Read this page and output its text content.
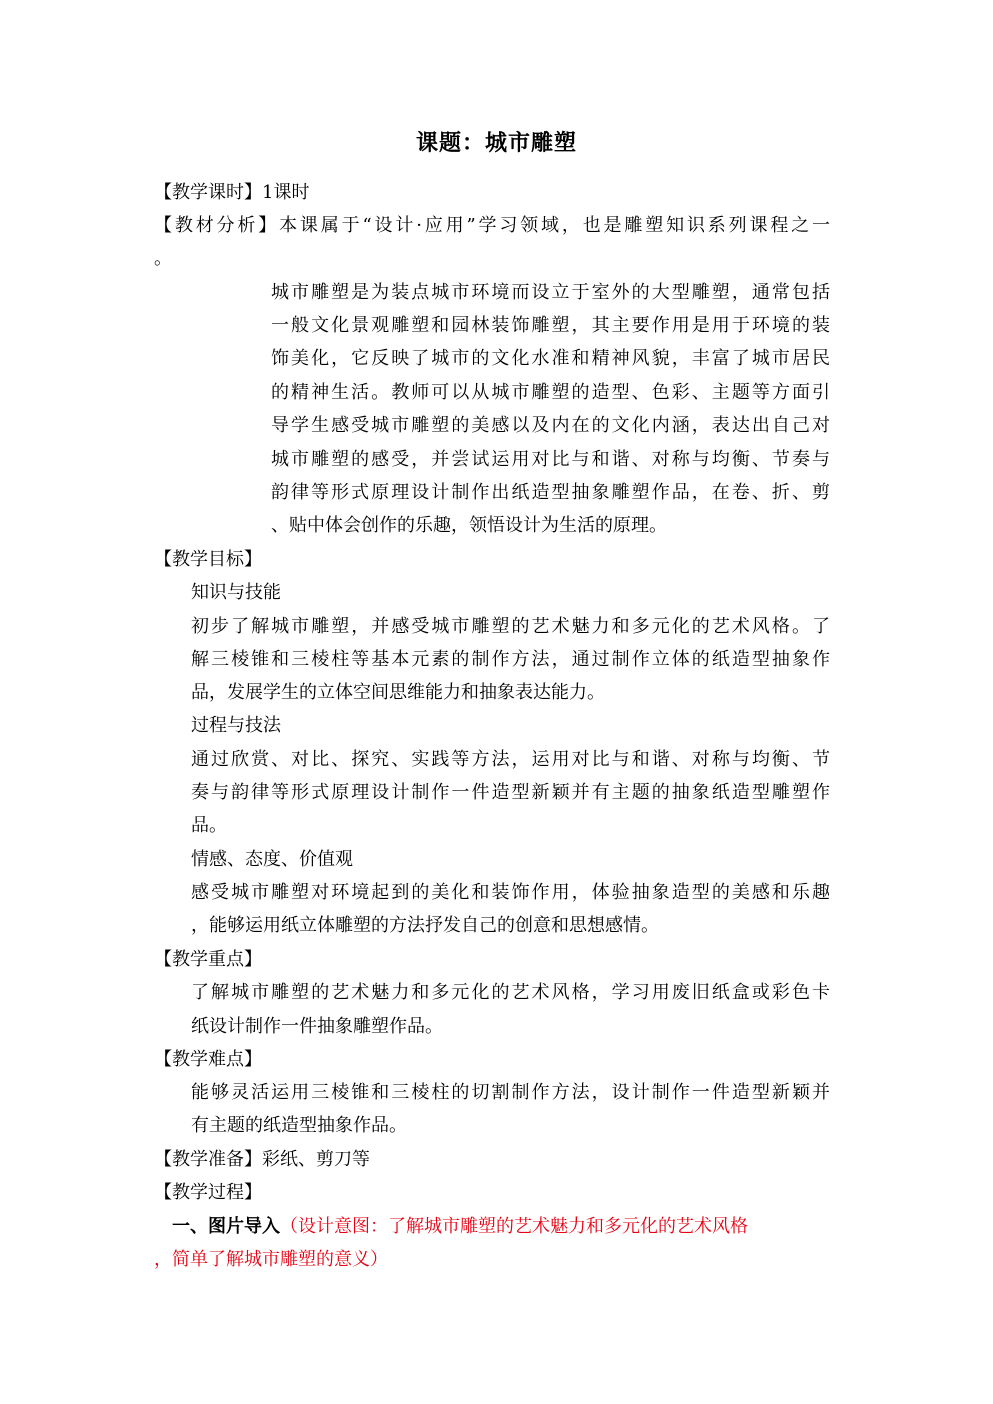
课题：城市雕塑
【教学课时】1课时
【教材分析】本课属于“设计·应用”学习领域，也是雕塑知识系列课程之一
。
城市雕塑是为装点城市环境而设立于室外的大型雕塑，通常包括
一般文化景观雕塑和园林装饰雕塑，其主要作用是用于环境的装
饰美化，它反映了城市的文化水准和精神风貌，丰富了城市居民
的精神生活。教师可以从城市雕塑的造型、色彩、主题等方面引
导学生感受城市雕塑的美感以及内在的文化内涵，表达出自己对
城市雕塑的感受，并尝试运用对比与和谐、对称与均衡、节奏与
韵律等形式原理设计制作出纸造型抽象雕塑作品，在卷、折、剪
、贴中体会创作的乐趣，领悟设计为生活的原理。
【教学目标】
知识与技能
初步了解城市雕塑，并感受城市雕塑的艺术魅力和多元化的艺术风格。了
解三棱锥和三棱柱等基本元素的制作方法，通过制作立体的纸造型抽象作
品，发展学生的立体空间思维能力和抽象表达能力。
过程与技法
通过欣赏、对比、探究、实践等方法，运用对比与和谐、对称与均衡、节
奏与韵律等形式原理设计制作一件造型新颖并有主题的抽象纸造型雕塑作
品。
情感、态度、价值观
感受城市雕塑对环境起到的美化和装饰作用，体验抽象造型的美感和乐趣
，能够运用纸立体雕塑的方法抒发自己的创意和思想感情。
【教学重点】
了解城市雕塑的艺术魅力和多元化的艺术风格，学习用废旧纸盒或彩色卡
纸设计制作一件抽象雕塑作品。
【教学难点】
能够灵活运用三棱锥和三棱柱的切割制作方法，设计制作一件造型新颖并
有主题的纸造型抽象作品。
【教学准备】彩纸、剪刀等
【教学过程】
一、图片导入（设计意图：了解城市雕塑的艺术魅力和多元化的艺术风格
，简单了解城市雕塑的意义）
